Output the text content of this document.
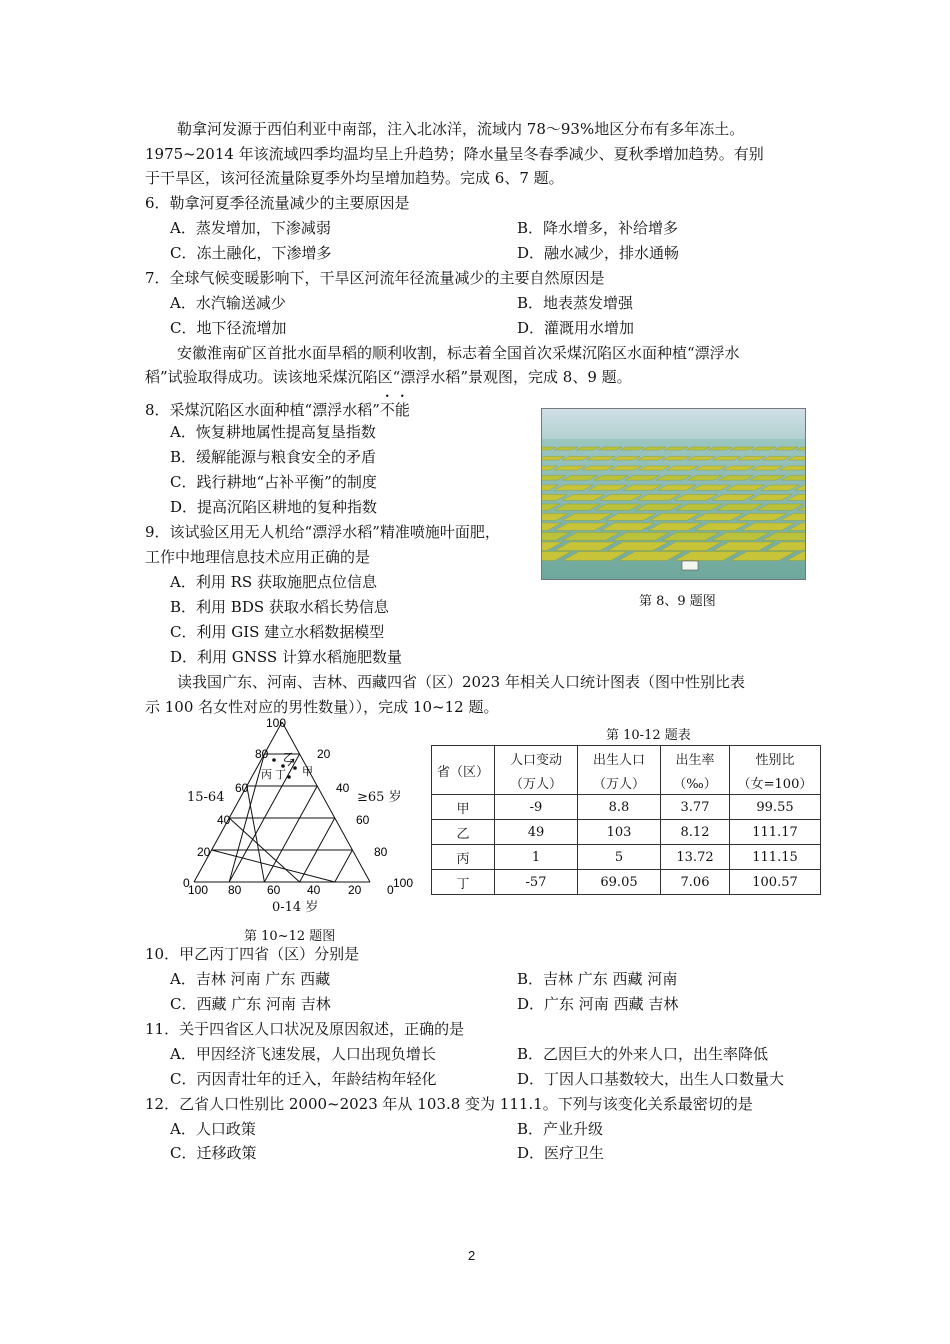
勒拿河发源于西伯利亚中南部，注入北冰洋，流域内 78～93%地区分布有多年冻土。
1975~2014 年该流域四季均温均呈上升趋势；降水量呈冬春季减少、夏秋季增加趋势。有别
于干旱区，该河径流量除夏季外均呈增加趋势。完成 6、7 题。
6．勒拿河夏季径流量减少的主要原因是
A．蒸发增加，下渗减弱	B．降水增多，补给增多
C．冻土融化，下渗增多	D．融水减少，排水通畅
7．全球气候变暖影响下，干旱区河流年径流量减少的主要自然原因是
A．水汽输送减少	B．地表蒸发增强
C．地下径流增加	D．灌溉用水增加
安徽淮南矿区首批水面旱稻的顺利收割，标志着全国首次采煤沉陷区水面种植“漂浮水
稻”试验取得成功。读该地采煤沉陷区“漂浮水稻”景观图，完成 8、9 题。
8．采煤沉陷区水面种植“漂浮水稻”不能
A．恢复耕地属性提高复垦指数
B．缓解能源与粮食安全的矛盾
C．践行耕地“占补平衡”的制度
D．提高沉陷区耕地的复种指数
9．该试验区用无人机给“漂浮水稻”精准喷施叶面肥，
工作中地理信息技术应用正确的是
A．利用 RS 获取施肥点位信息
B．利用 BDS 获取水稻长势信息
C．利用 GIS 建立水稻数据模型
D．利用 GNSS 计算水稻施肥数量
第 8、9 题图
读我国广东、河南、吉林、西藏四省（区）2023 年相关人口统计图表（图中性别比表
示 100 名女性对应的男性数量）），完成 10~12 题。
100
80
60
40
20
0
20
40
60
80
100
100 80 60 40 20 0
乙
丁
丙	甲
15-64	≥65 岁
0-14 岁
第 10~12 题图
第 10-12 题表
省（区）	人口变动	出生人口	出生率	性别比
	（万人）	（万人）	（‰）	（女=100）
甲	-9	8.8	3.77	99.55
乙	49	103	8.12	111.17
丙	1	5	13.72	111.15
丁	-57	69.05	7.06	100.57
10．甲乙丙丁四省（区）分别是
A．吉林 河南 广东 西藏	B．吉林 广东 西藏 河南
C．西藏 广东 河南 吉林	D．广东 河南 西藏 吉林
11．关于四省区人口状况及原因叙述，正确的是
A．甲因经济飞速发展，人口出现负增长	B．乙因巨大的外来人口，出生率降低
C．丙因青壮年的迁入，年龄结构年轻化	D．丁因人口基数较大，出生人口数量大
12．乙省人口性别比 2000~2023 年从 103.8 变为 111.1。下列与该变化关系最密切的是
A．人口政策	B．产业升级
C．迁移政策	D．医疗卫生
2
